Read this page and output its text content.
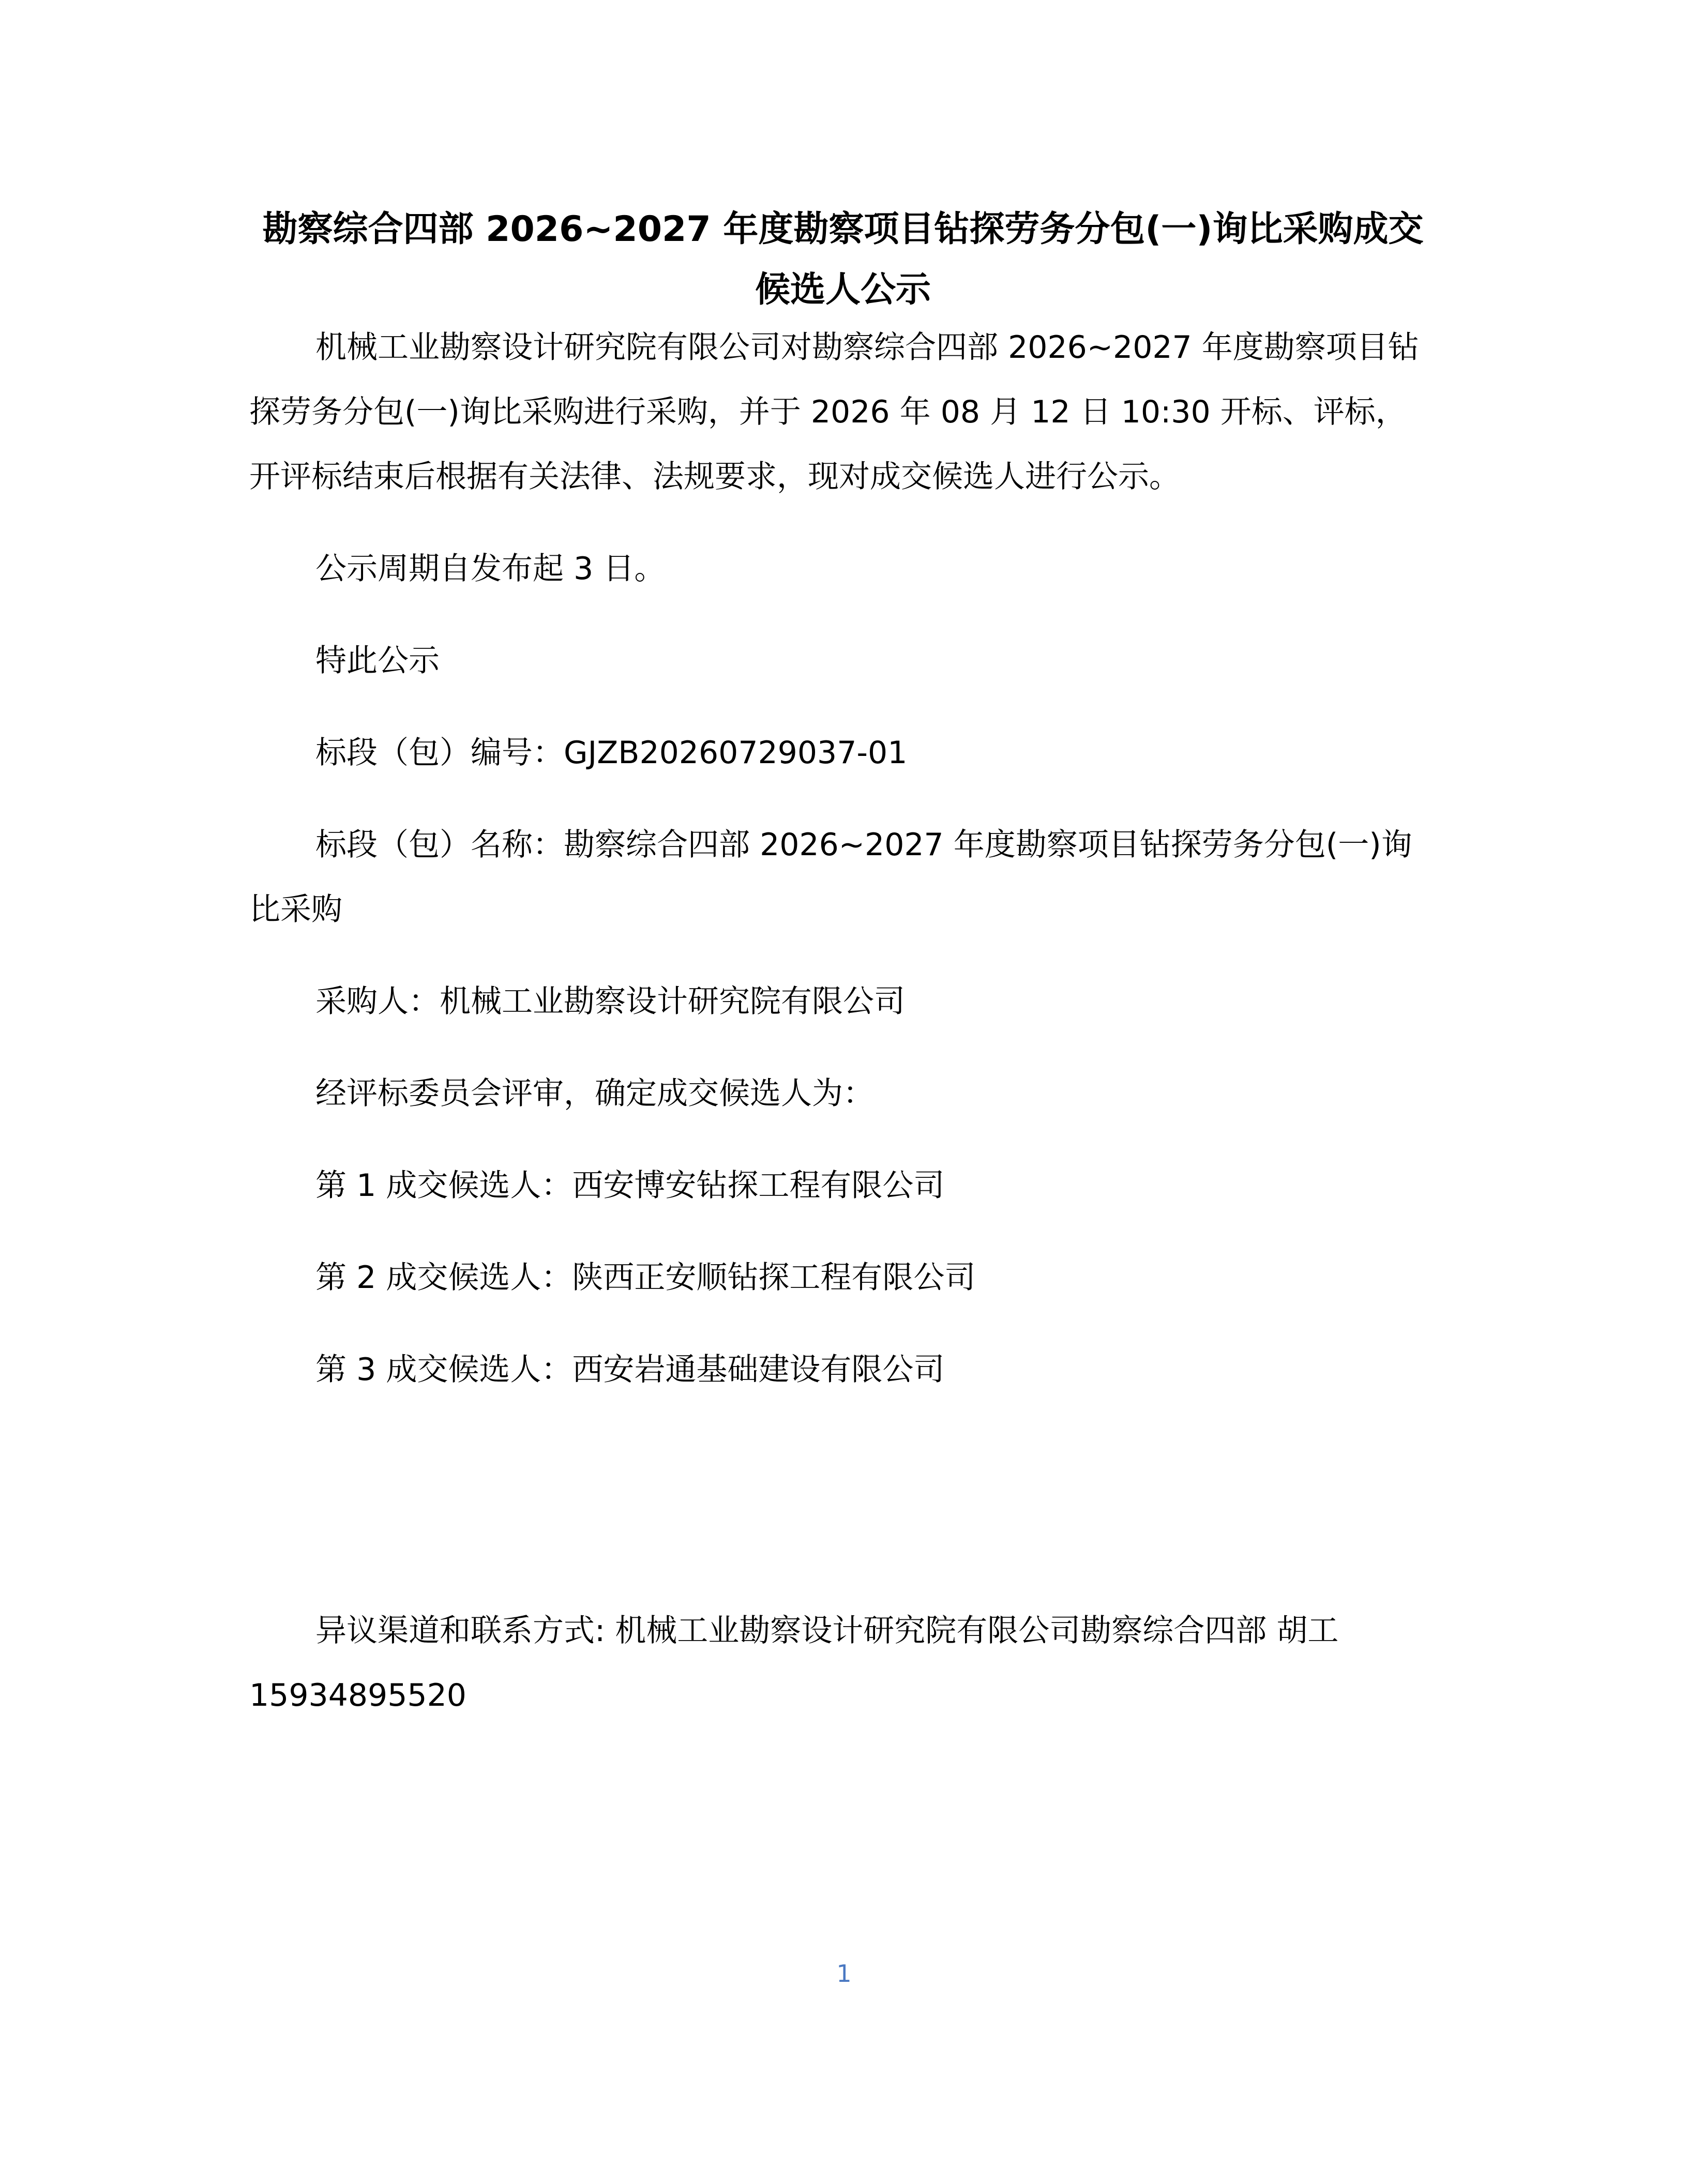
勘察综合四部 2026~2027 年度勘察项目钻探劳务分包(一)询比采购成交候选人公示

机械工业勘察设计研究院有限公司对勘察综合四部 2026~2027 年度勘察项目钻探劳务分包(一)询比采购进行采购，并于 2026 年 08 月 12 日 10:30 开标、评标，开评标结束后根据有关法律、法规要求，现对成交候选人进行公示。

公示周期自发布起 3 日。

特此公示

标段（包）编号：GJZB20260729037-01

标段（包）名称：勘察综合四部 2026~2027 年度勘察项目钻探劳务分包(一)询比采购

采购人：机械工业勘察设计研究院有限公司

经评标委员会评审，确定成交候选人为：

第 1 成交候选人：西安博安钻探工程有限公司

第 2 成交候选人：陕西正安顺钻探工程有限公司

第 3 成交候选人：西安岩通基础建设有限公司

异议渠道和联系方式: 机械工业勘察设计研究院有限公司勘察综合四部 胡工 15934895520

1
